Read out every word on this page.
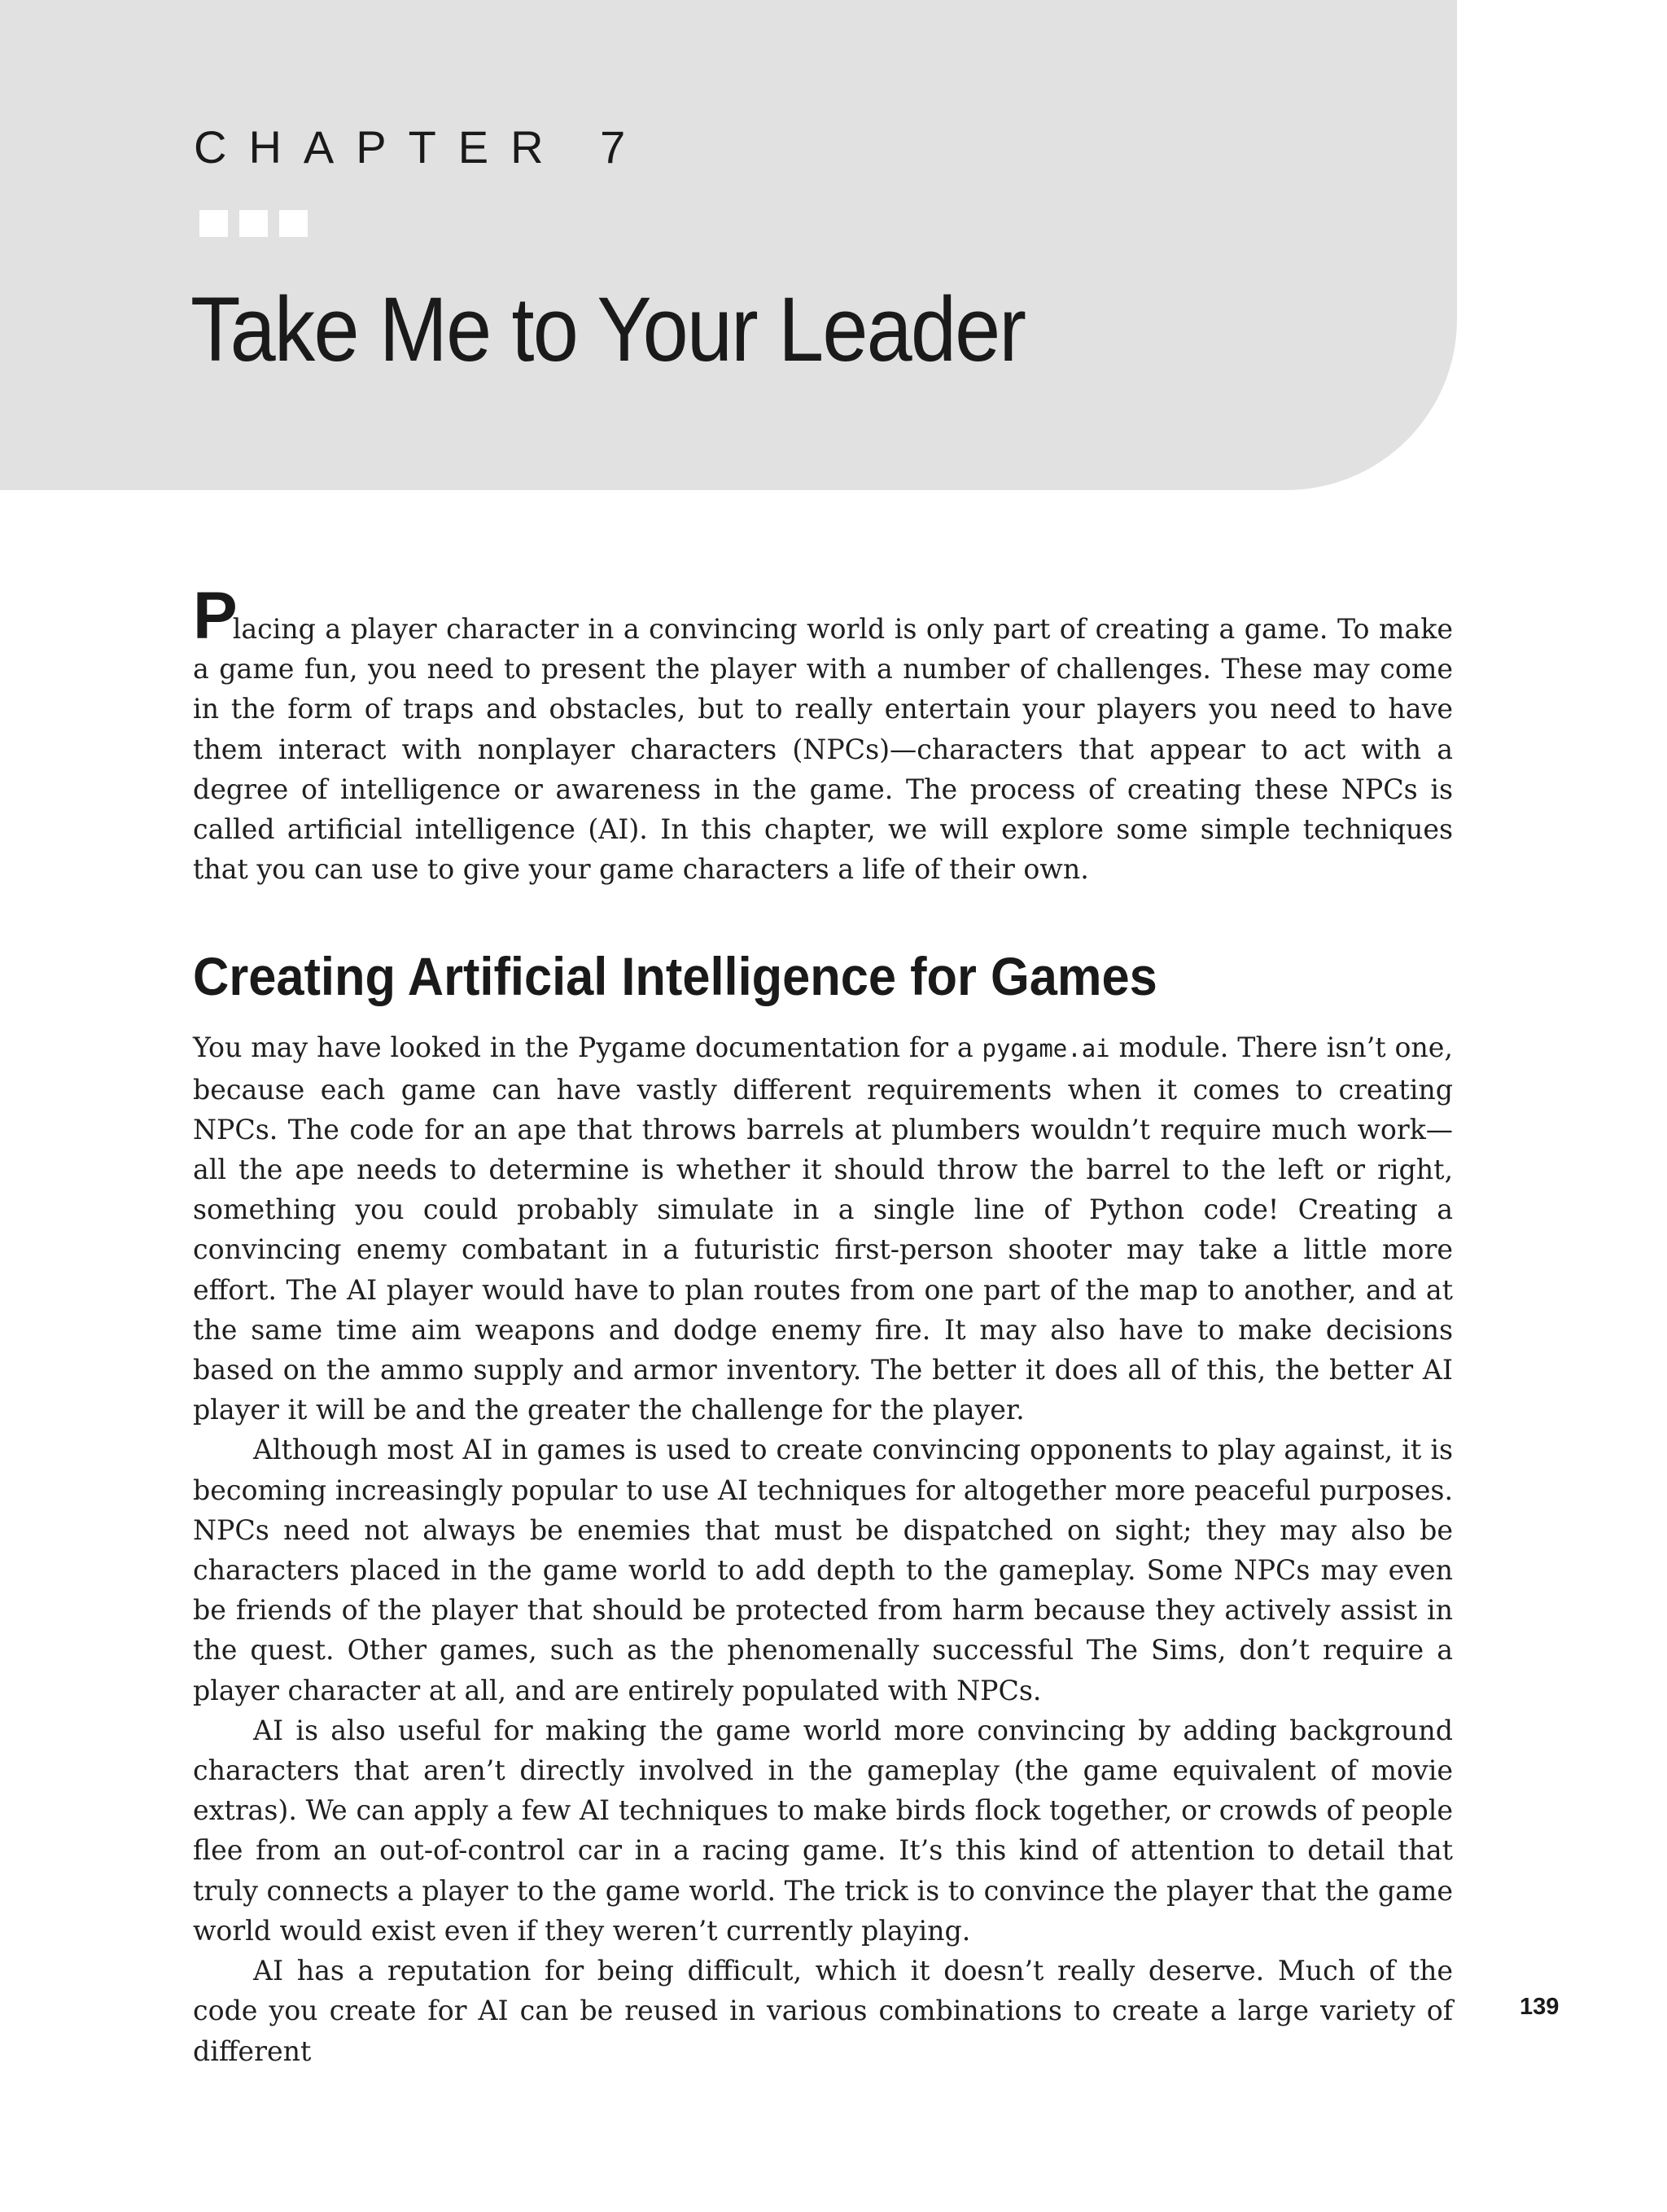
CHAPTER 7
Take Me to Your Leader

Placing a player character in a convincing world is only part of creating a game. To make a game fun, you need to present the player with a number of challenges. These may come in the form of traps and obstacles, but to really entertain your players you need to have them interact with nonplayer characters (NPCs)—characters that appear to act with a degree of intelligence or awareness in the game. The process of creating these NPCs is called artificial intelligence (AI). In this chapter, we will explore some simple techniques that you can use to give your game characters a life of their own.

Creating Artificial Intelligence for Games

You may have looked in the Pygame documentation for a pygame.ai module. There isn’t one, because each game can have vastly different requirements when it comes to creating NPCs. The code for an ape that throws barrels at plumbers wouldn’t require much work—all the ape needs to determine is whether it should throw the barrel to the left or right, something you could probably simulate in a single line of Python code! Creating a convincing enemy combatant in a futuristic first-person shooter may take a little more effort. The AI player would have to plan routes from one part of the map to another, and at the same time aim weapons and dodge enemy fire. It may also have to make decisions based on the ammo supply and armor inventory. The better it does all of this, the better AI player it will be and the greater the challenge for the player.

Although most AI in games is used to create convincing opponents to play against, it is becoming increasingly popular to use AI techniques for altogether more peaceful purposes. NPCs need not always be enemies that must be dispatched on sight; they may also be characters placed in the game world to add depth to the gameplay. Some NPCs may even be friends of the player that should be protected from harm because they actively assist in the quest. Other games, such as the phenomenally successful The Sims, don’t require a player character at all, and are entirely populated with NPCs.

AI is also useful for making the game world more convincing by adding background characters that aren’t directly involved in the gameplay (the game equivalent of movie extras). We can apply a few AI techniques to make birds flock together, or crowds of people flee from an out-of-control car in a racing game. It’s this kind of attention to detail that truly connects a player to the game world. The trick is to convince the player that the game world would exist even if they weren’t currently playing.

AI has a reputation for being difficult, which it doesn’t really deserve. Much of the code you create for AI can be reused in various combinations to create a large variety of different

139
